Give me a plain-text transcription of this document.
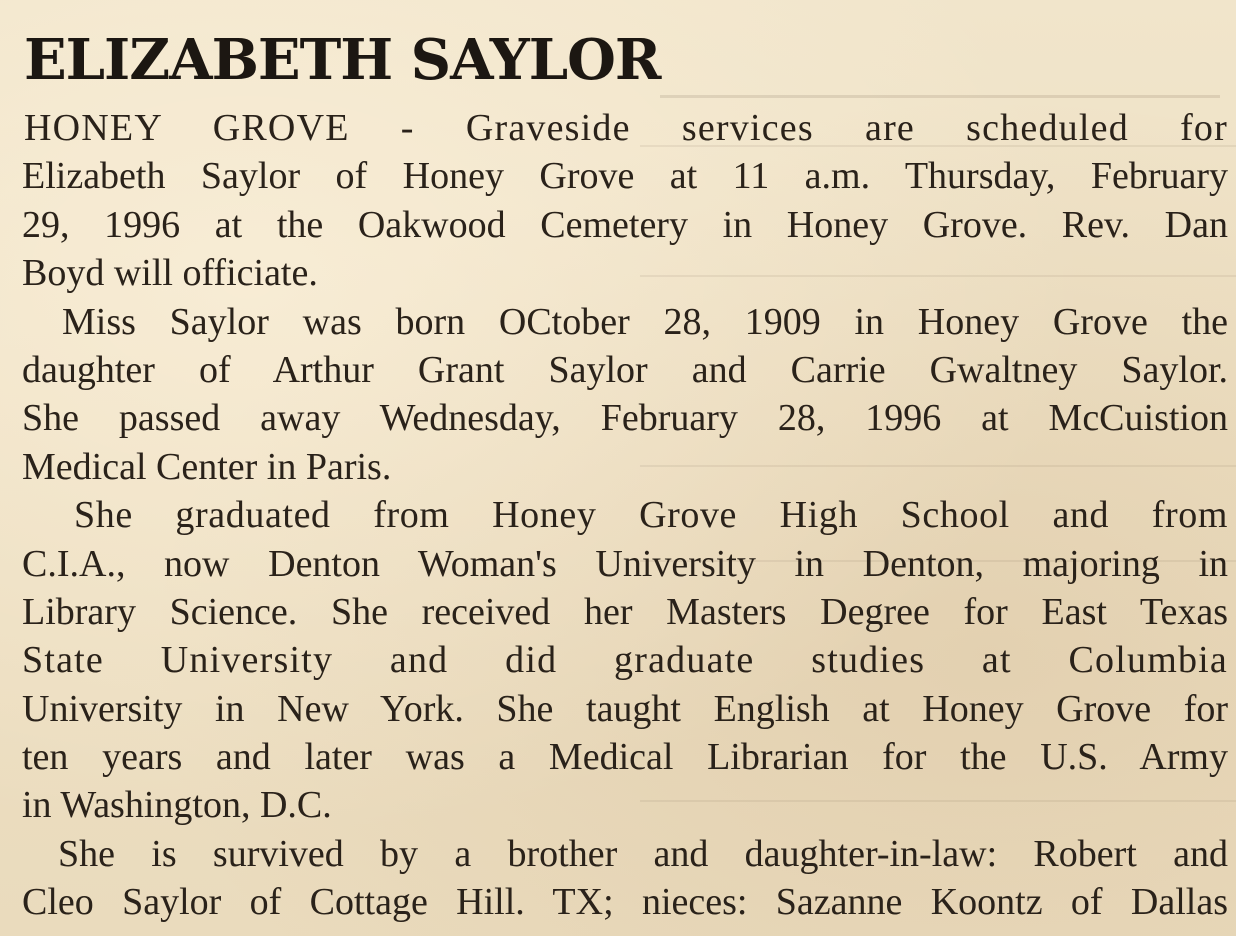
ELIZABETH SAYLOR
HONEY GROVE - Graveside services are scheduled for
Elizabeth Saylor of Honey Grove at 11 a.m. Thursday, February
29, 1996 at the Oakwood Cemetery in Honey Grove. Rev. Dan
Boyd will officiate.
Miss Saylor was born OCtober 28, 1909 in Honey Grove the
daughter of Arthur Grant Saylor and Carrie Gwaltney Saylor.
She passed away Wednesday, February 28, 1996 at McCuistion
Medical Center in Paris.
She graduated from Honey Grove High School and from
C.I.A., now Denton Woman's University in Denton, majoring in
Library Science. She received her Masters Degree for East Texas
State University and did graduate studies at Columbia
University in New York. She taught English at Honey Grove for
ten years and later was a Medical Librarian for the U.S. Army
in Washington, D.C.
She is survived by a brother and daughter-in-law: Robert and
Cleo Saylor of Cottage Hill. TX; nieces: Sazanne Koontz of Dallas
